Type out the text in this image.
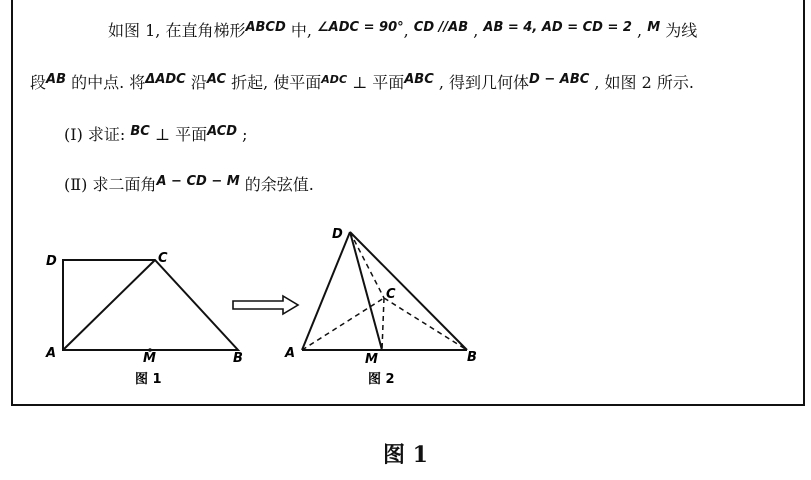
如图 1, 在直角梯形$^{ABCD}$ 中, $^{\angle ADC = 90^\circ}$, $^{CD //AB}$ , $^{AB = 4, AD = CD = 2}$ , $^M$ 为线
段$^{AB}$ 的中点. 将$^{\Delta ADC}$ 沿$^{AC}$ 折起, 使平面$^{ADC}$ ⊥ 平面$^{ABC}$ , 得到几何体$^{D - ABC}$ , 如图 2 所示.
(Ⅰ) 求证: $^{BC}$ ⊥ 平面$^{ACD}$ ;
(Ⅱ) 求二面角$^{A - CD - M}$ 的余弦值.
D	C
A	M	B
图 1
D
C
A	M	B
图 2
图 1
